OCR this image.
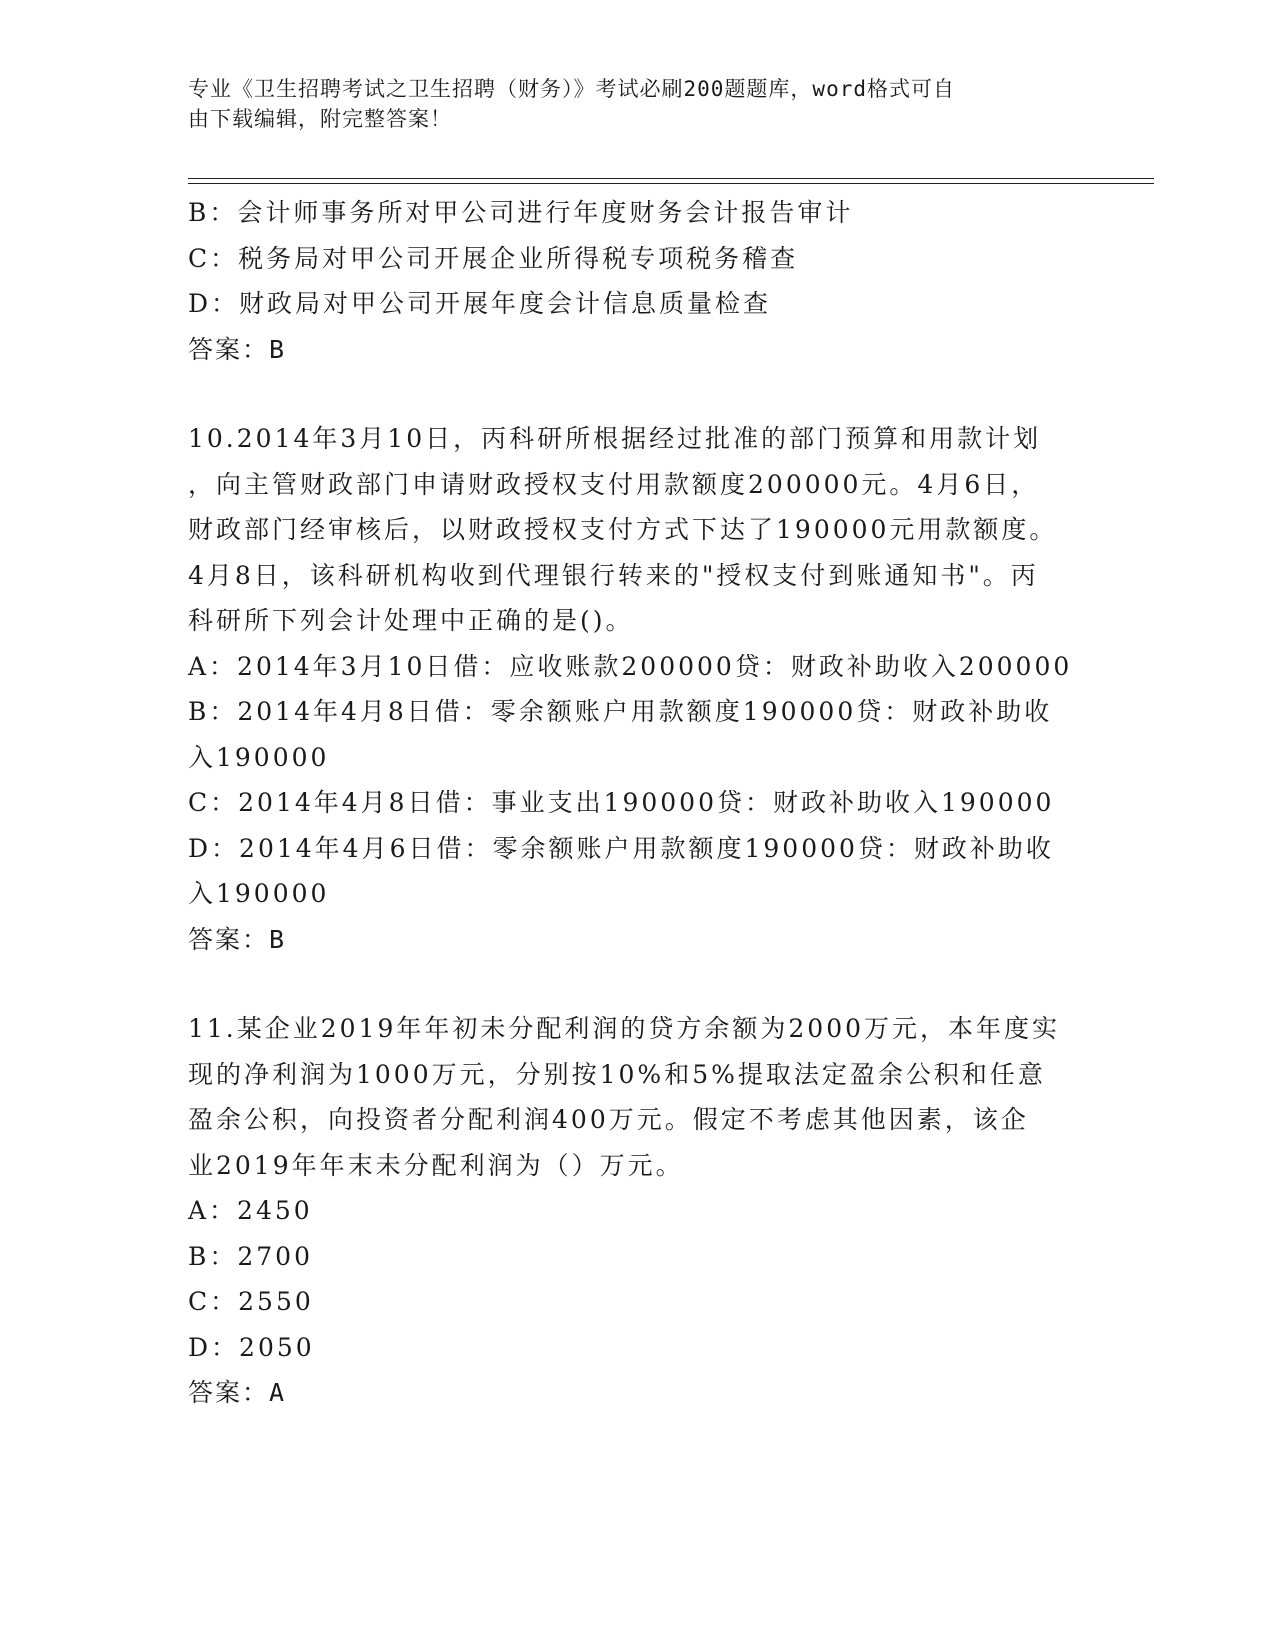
专业《卫生招聘考试之卫生招聘（财务）》考试必刷200题题库，word格式可自
由下载编辑，附完整答案！
B：会计师事务所对甲公司进行年度财务会计报告审计
C：税务局对甲公司开展企业所得税专项税务稽查
D：财政局对甲公司开展年度会计信息质量检查
答案：B
10.2014年3月10日，丙科研所根据经过批准的部门预算和用款计划
，向主管财政部门申请财政授权支付用款额度200000元。4月6日，
财政部门经审核后，以财政授权支付方式下达了190000元用款额度。
4月8日，该科研机构收到代理银行转来的"授权支付到账通知书"。丙
科研所下列会计处理中正确的是()。
A：2014年3月10日借：应收账款200000贷：财政补助收入200000
B：2014年4月8日借：零余额账户用款额度190000贷：财政补助收
入190000
C：2014年4月8日借：事业支出190000贷：财政补助收入190000
D：2014年4月6日借：零余额账户用款额度190000贷：财政补助收
入190000
答案：B
11.某企业2019年年初未分配利润的贷方余额为2000万元，本年度实
现的净利润为1000万元，分别按10%和5%提取法定盈余公积和任意
盈余公积，向投资者分配利润400万元。假定不考虑其他因素，该企
业2019年年末未分配利润为（）万元。
A：2450
B：2700
C：2550
D：2050
答案：A
